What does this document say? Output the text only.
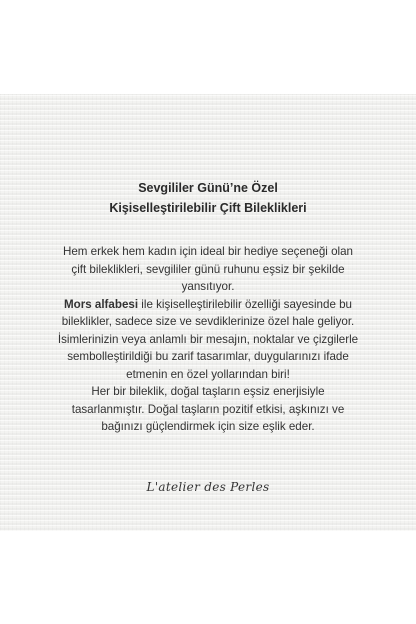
Sevgililer Günü’ne Özel
Kişiselleştirilebilir Çift Bileklikleri

Hem erkek hem kadın için ideal bir hediye seçeneği olan

çift bileklikleri, sevgililer günü ruhunu eşsiz bir şekilde

yansıtıyor.

Mors alfabesi ile kişiselleştirilebilir özelliği sayesinde bu

bileklikler, sadece size ve sevdiklerinize özel hale geliyor.

İsimlerinizin veya anlamlı bir mesajın, noktalar ve çizgilerle

sembolleştirildiği bu zarif tasarımlar, duygularınızı ifade

etmenin en özel yollarından biri!

Her bir bileklik, doğal taşların eşsiz enerjisiyle

tasarlanmıştır. Doğal taşların pozitif etkisi, aşkınızı ve

bağınızı güçlendirmek için size eşlik eder.

L'atelier des Perles
